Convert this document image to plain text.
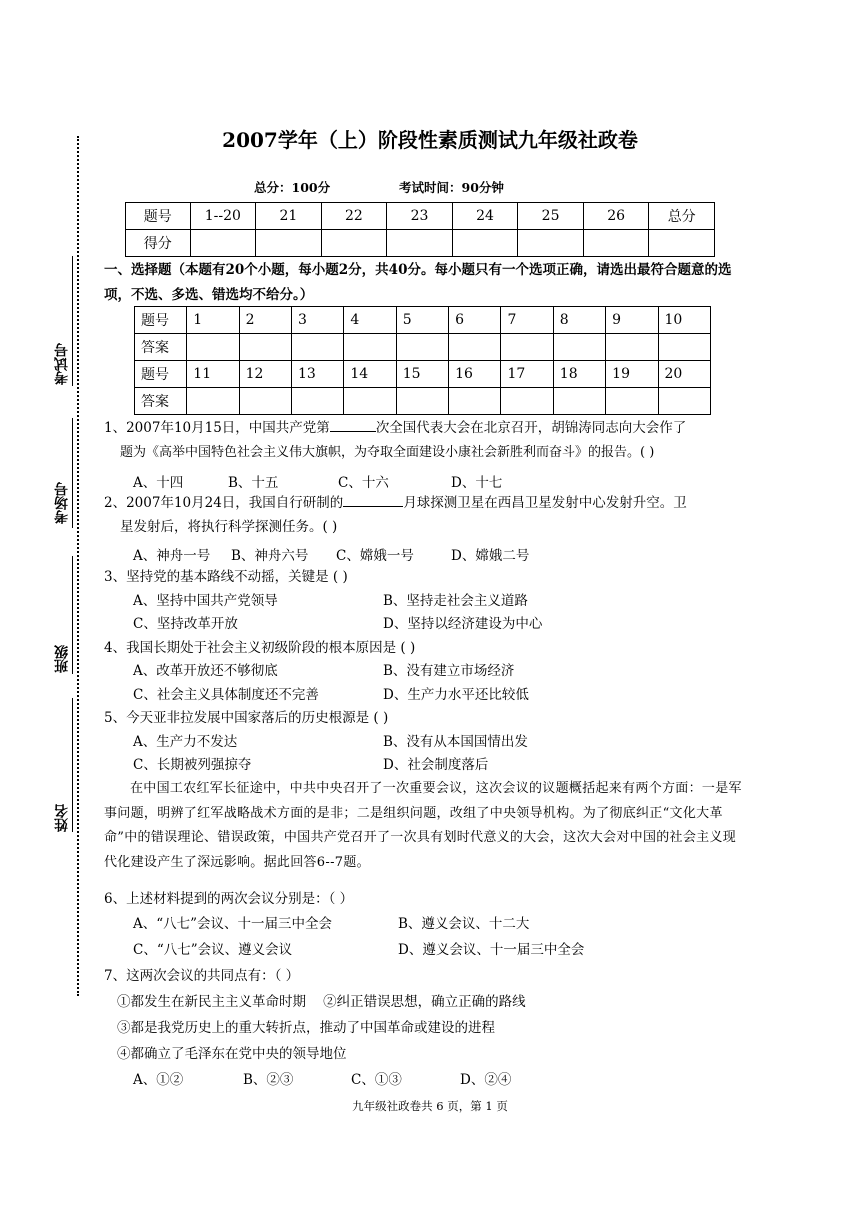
考试号
考场号
班级
姓名
2007学年（上）阶段性素质测试九年级社政卷
总分：100分	考试时间：90分钟
题号	1--20	21	22	23	24	25	26	总分
得分								
一、选择题（本题有20个小题，每小题2分，共40分。每小题只有一个选项正确，请选出最符合题意的选项，不选、多选、错选均不给分。）
题号	1	2	3	4	5	6	7	8	9	10
答案										
题号	11	12	13	14	15	16	17	18	19	20
答案										
1、2007年10月15日，中国共产党第	次全国代表大会在北京召开，胡锦涛同志向大会作了
题为《高举中国特色社会主义伟大旗帜，为夺取全面建设小康社会新胜利而奋斗》的报告。( )
A、十四	B、十五	C、十六	D、十七
2、2007年10月24日，我国自行研制的	月球探测卫星在西昌卫星发射中心发射升空。卫
星发射后，将执行科学探测任务。( )
A、神舟一号 B、神舟六号 C、嫦娥一号	D、嫦娥二号
3、坚持党的基本路线不动摇，关键是 ( )
A、坚持中国共产党领导	B、坚持走社会主义道路
C、坚持改革开放	D、坚持以经济建设为中心
4、我国长期处于社会主义初级阶段的根本原因是 ( )
A、改革开放还不够彻底	B、没有建立市场经济
C、社会主义具体制度还不完善	D、生产力水平还比较低
5、今天亚非拉发展中国家落后的历史根源是 ( )
A、生产力不发达	B、没有从本国国情出发
C、长期被列强掠夺	D、社会制度落后

在中国工农红军长征途中，中共中央召开了一次重要会议，这次会议的议题概括起来有两个方面：一是军事问题，明辨了红军战略战术方面的是非；二是组织问题，改组了中央领导机构。为了彻底纠正“文化大革命”中的错误理论、错误政策，中国共产党召开了一次具有划时代意义的大会，这次大会对中国的社会主义现代化建设产生了深远影响。据此回答6--7题。

6、上述材料提到的两次会议分别是：（ ）
A、“八七”会议、十一届三中全会	B、遵义会议、十二大
C、“八七”会议、遵义会议	D、遵义会议、十一届三中全会
7、这两次会议的共同点有：（ ）
①都发生在新民主主义革命时期    ②纠正错误思想，确立正确的路线
③都是我党历史上的重大转折点，推动了中国革命或建设的进程
④都确立了毛泽东在党中央的领导地位
A、①②	B、②③	C、①③	D、②④
九年级社政卷共 6 页，第 1 页
